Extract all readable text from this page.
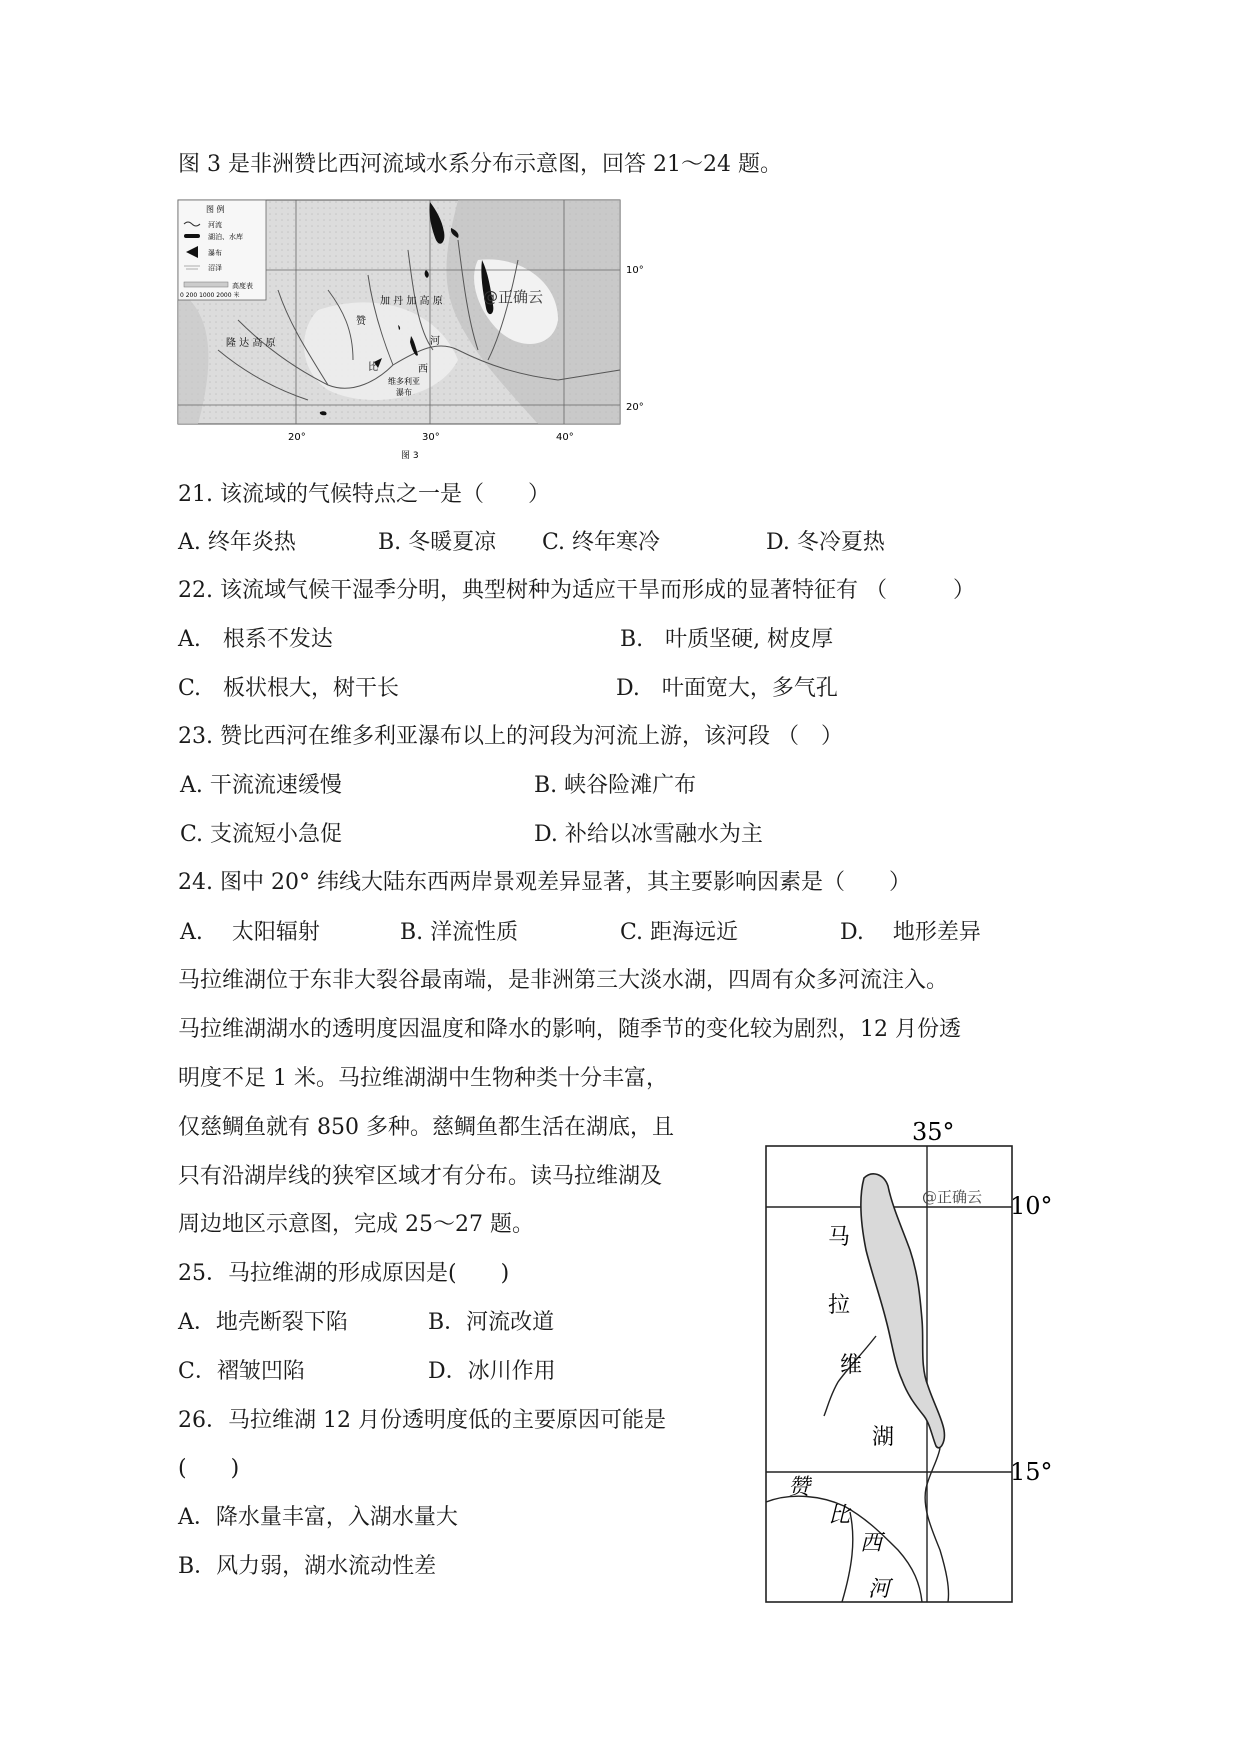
图 3 是非洲赞比西河流域水系分布示意图，回答 21～24 题。
图 例
河流
湖泊、水库
瀑布
沼泽
高度表
0 200 1000 2000 米
加 丹 加 高 原
隆 达 高 原
赞
河
比	西
维多利亚
瀑布
@正确云
10°
20°
20°	30°	40°
图 3
21. 该流域的气候特点之一是（　　）
A. 终年炎热	B. 冬暖夏凉 C. 终年寒冷	D. 冬冷夏热
22. 该流域气候干湿季分明，典型树种为适应干旱而形成的显著特征有 （　　　）
A.　根系不发达	B.　叶质坚硬, 树皮厚
C.　板状根大，树干长	D.　叶面宽大，多气孔
23. 赞比西河在维多利亚瀑布以上的河段为河流上游，该河段 （　）
A. 干流流速缓慢	B. 峡谷险滩广布
C. 支流短小急促	D. 补给以冰雪融水为主
24. 图中 20° 纬线大陆东西两岸景观差异显著，其主要影响因素是（　　）
A.　 太阳辐射	B. 洋流性质	C. 距海远近	D.　 地形差异
马拉维湖位于东非大裂谷最南端，是非洲第三大淡水湖，四周有众多河流注入。
马拉维湖湖水的透明度因温度和降水的影响，随季节的变化较为剧烈，12 月份透
明度不足 1 米。马拉维湖湖中生物种类十分丰富，
仅慈鲷鱼就有 850 多种。慈鲷鱼都生活在湖底，且
只有沿湖岸线的狭窄区域才有分布。读马拉维湖及
周边地区示意图，完成 25～27 题。
25．马拉维湖的形成原因是(　　)
A．地壳断裂下陷	B．河流改道
C．褶皱凹陷	D．冰川作用
26．马拉维湖 12 月份透明度低的主要原因可能是
(　　)
A．降水量丰富，入湖水量大
B．风力弱，湖水流动性差
35°
10°
15°
@正确云
马
拉
维
湖
赞
比
西
河
